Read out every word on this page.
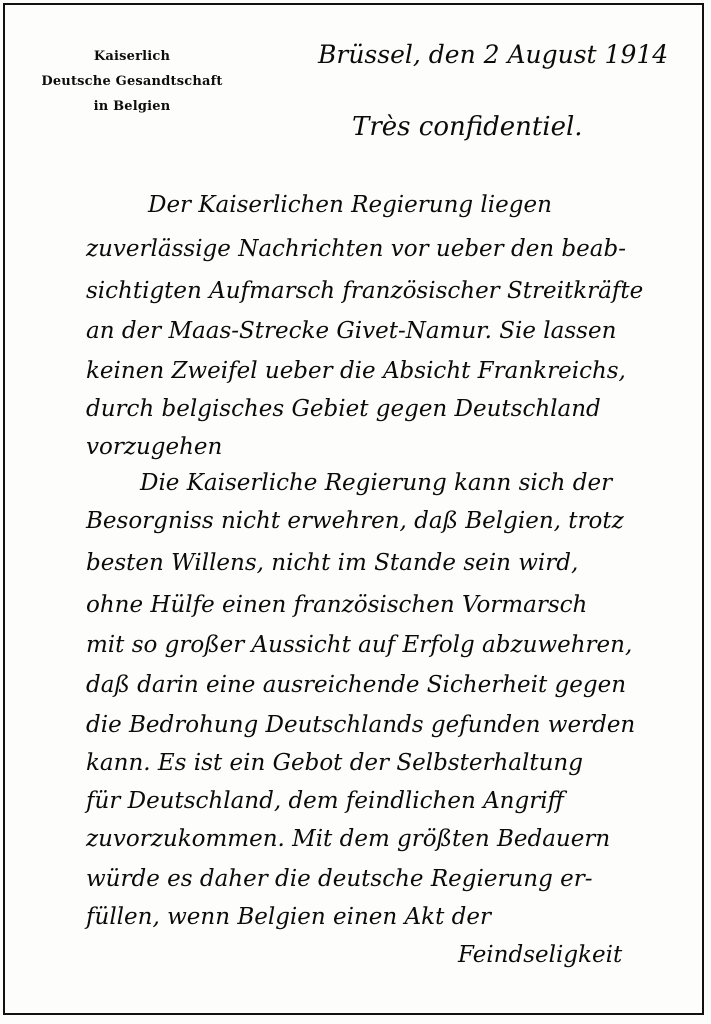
Kaiserlich
Deutsche Gesandtschaft
in Belgien
Brüssel, den 2 August 1914
Très confidentiel.
Der Kaiserlichen Regierung liegen
zuverlässige Nachrichten vor ueber den beab-
sichtigten Aufmarsch französischer Streitkräfte
an der Maas-Strecke Givet-Namur. Sie lassen
keinen Zweifel ueber die Absicht Frankreichs,
durch belgisches Gebiet gegen Deutschland
vorzugehen
Die Kaiserliche Regierung kann sich der
Besorgniss nicht erwehren, daß Belgien, trotz
besten Willens, nicht im Stande sein wird,
ohne Hülfe einen französischen Vormarsch
mit so großer Aussicht auf Erfolg abzuwehren,
daß darin eine ausreichende Sicherheit gegen
die Bedrohung Deutschlands gefunden werden
kann. Es ist ein Gebot der Selbsterhaltung
für Deutschland, dem feindlichen Angriff
zuvorzukommen. Mit dem größten Bedauern
würde es daher die deutsche Regierung er-
füllen, wenn Belgien einen Akt der
Feindseligkeit
